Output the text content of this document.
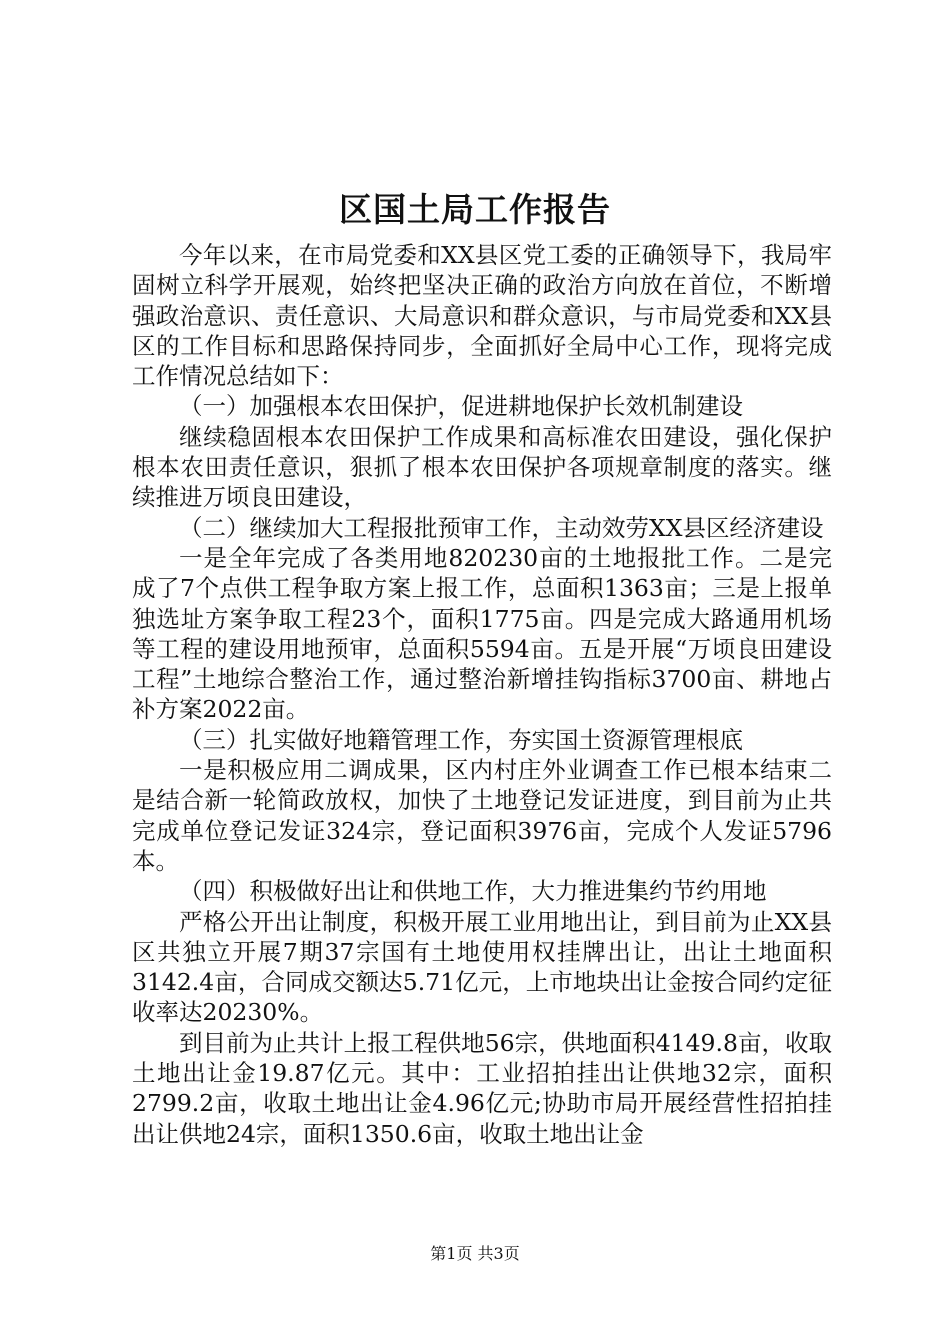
区国土局工作报告

今年以来，在市局党委和XX县区党工委的正确领导下，我局牢固树立科学开展观，始终把坚决正确的政治方向放在首位，不断增强政治意识、责任意识、大局意识和群众意识，与市局党委和XX县区的工作目标和思路保持同步，全面抓好全局中心工作，现将完成工作情况总结如下：

（一）加强根本农田保护，促进耕地保护长效机制建设

继续稳固根本农田保护工作成果和高标准农田建设，强化保护根本农田责任意识，狠抓了根本农田保护各项规章制度的落实。继续推进万顷良田建设，

（二）继续加大工程报批预审工作，主动效劳XX县区经济建设

一是全年完成了各类用地820230亩的土地报批工作。二是完成了7个点供工程争取方案上报工作，总面积1363亩；三是上报单独选址方案争取工程23个，面积1775亩。四是完成大路通用机场等工程的建设用地预审，总面积5594亩。五是开展“万顷良田建设工程”土地综合整治工作，通过整治新增挂钩指标3700亩、耕地占补方案2022亩。

（三）扎实做好地籍管理工作，夯实国土资源管理根底

一是积极应用二调成果，区内村庄外业调查工作已根本结束二是结合新一轮简政放权，加快了土地登记发证进度，到目前为止共完成单位登记发证324宗，登记面积3976亩，完成个人发证5796本。

（四）积极做好出让和供地工作，大力推进集约节约用地

严格公开出让制度，积极开展工业用地出让，到目前为止XX县区共独立开展7期37宗国有土地使用权挂牌出让，出让土地面积3142.4亩，合同成交额达5.71亿元，上市地块出让金按合同约定征收率达20230%。

到目前为止共计上报工程供地56宗，供地面积4149.8亩，收取土地出让金19.87亿元。其中：工业招拍挂出让供地32宗，面积2799.2亩，收取土地出让金4.96亿元;协助市局开展经营性招拍挂出让供地24宗，面积1350.6亩，收取土地出让金

第1页 共3页
